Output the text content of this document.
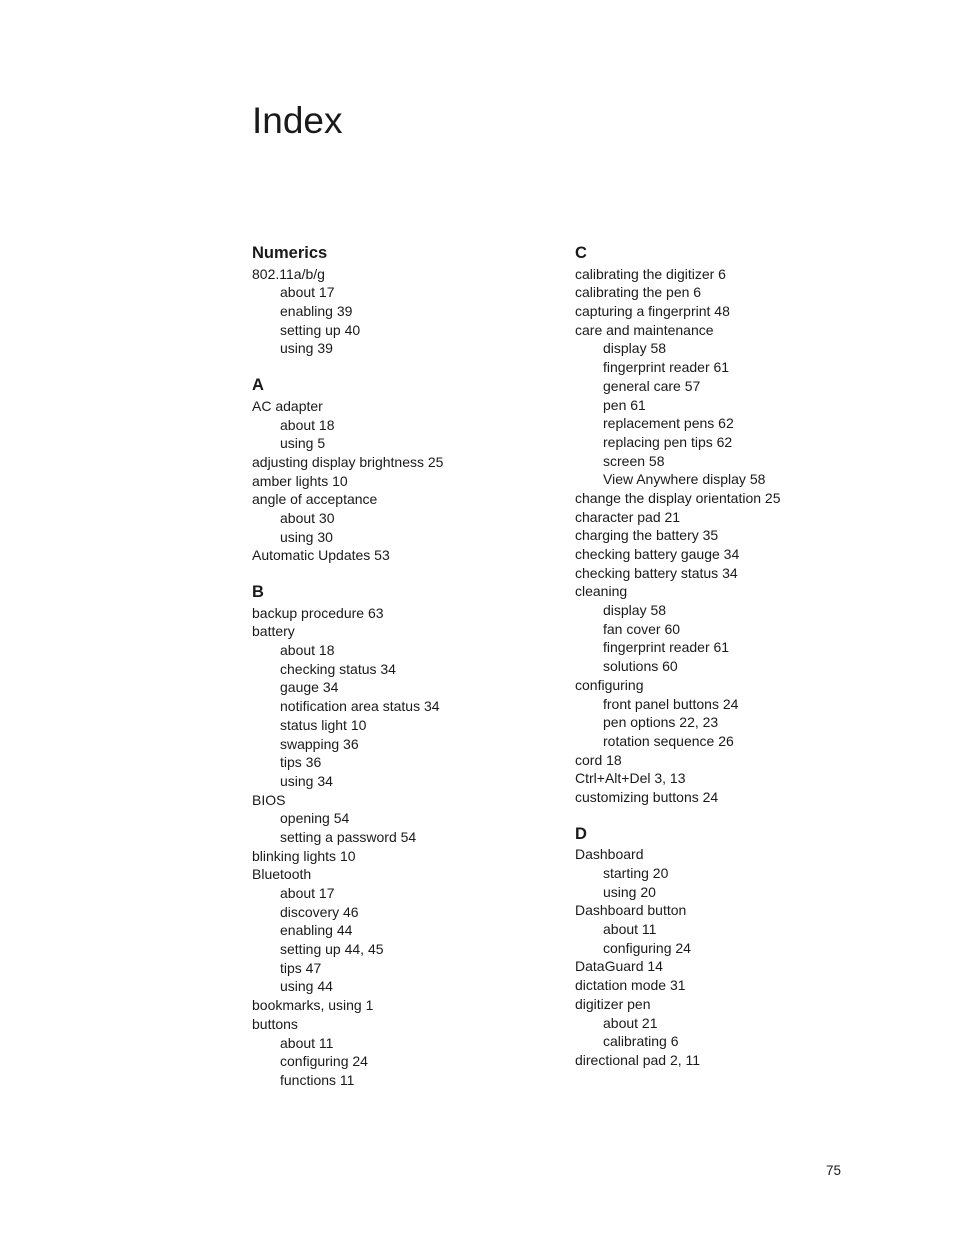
Index
Numerics
802.11a/b/g
about 17
enabling 39
setting up 40
using 39
A
AC adapter
about 18
using 5
adjusting display brightness 25
amber lights 10
angle of acceptance
about 30
using 30
Automatic Updates 53
B
backup procedure 63
battery
about 18
checking status 34
gauge 34
notification area status 34
status light 10
swapping 36
tips 36
using 34
BIOS
opening 54
setting a password 54
blinking lights 10
Bluetooth
about 17
discovery 46
enabling 44
setting up 44, 45
tips 47
using 44
bookmarks, using 1
buttons
about 11
configuring 24
functions 11
C
calibrating the digitizer 6
calibrating the pen 6
capturing a fingerprint 48
care and maintenance
display 58
fingerprint reader 61
general care 57
pen 61
replacement pens 62
replacing pen tips 62
screen 58
View Anywhere display 58
change the display orientation 25
character pad 21
charging the battery 35
checking battery gauge 34
checking battery status 34
cleaning
display 58
fan cover 60
fingerprint reader 61
solutions 60
configuring
front panel buttons 24
pen options 22, 23
rotation sequence 26
cord 18
Ctrl+Alt+Del 3, 13
customizing buttons 24
D
Dashboard
starting 20
using 20
Dashboard button
about 11
configuring 24
DataGuard 14
dictation mode 31
digitizer pen
about 21
calibrating 6
directional pad 2, 11
75
